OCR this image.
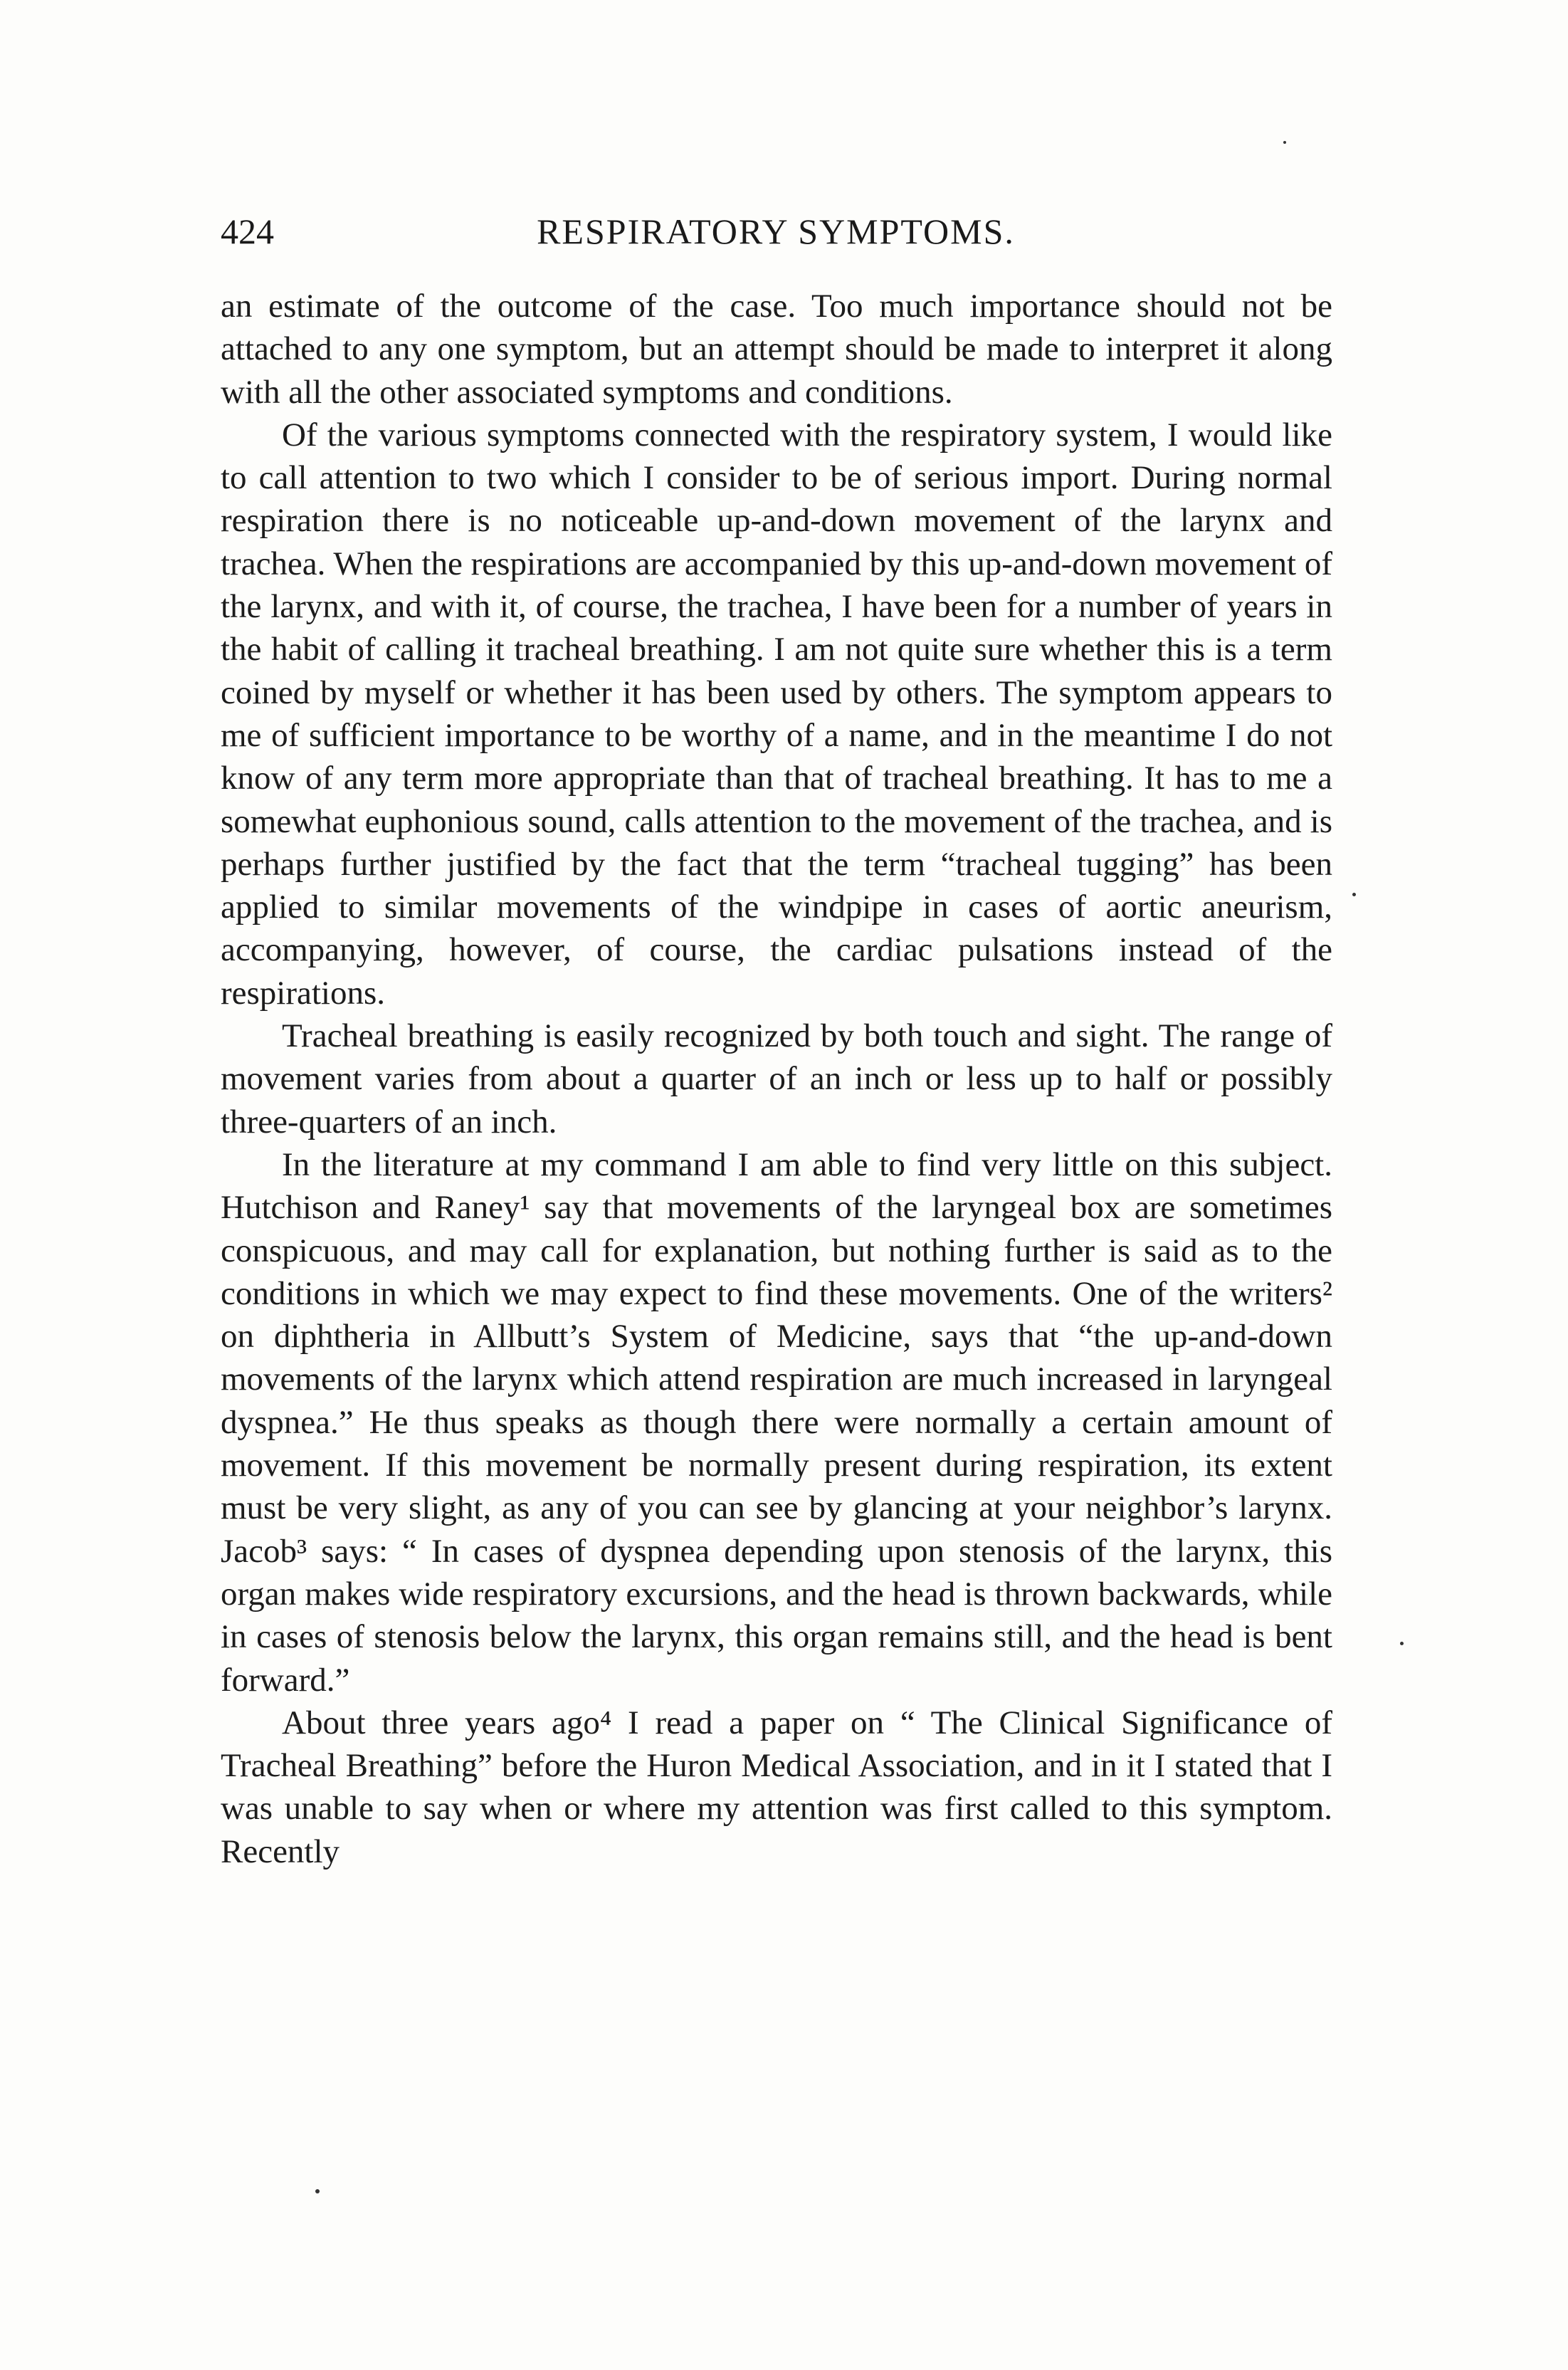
424	RESPIRATORY SYMPTOMS.

an estimate of the outcome of the case. Too much importance should not be attached to any one symptom, but an attempt should be made to interpret it along with all the other associated symptoms and conditions.

Of the various symptoms connected with the respiratory system, I would like to call attention to two which I consider to be of serious import. During normal respiration there is no noticeable up-and-down movement of the larynx and trachea. When the respirations are accompanied by this up-and-down movement of the larynx, and with it, of course, the trachea, I have been for a number of years in the habit of calling it tracheal breathing. I am not quite sure whether this is a term coined by myself or whether it has been used by others. The symptom appears to me of sufficient importance to be worthy of a name, and in the meantime I do not know of any term more appropriate than that of tracheal breathing. It has to me a somewhat euphonious sound, calls attention to the movement of the trachea, and is perhaps further justified by the fact that the term “tracheal tugging” has been applied to similar movements of the windpipe in cases of aortic aneurism, accompanying, however, of course, the cardiac pulsations instead of the respirations.

Tracheal breathing is easily recognized by both touch and sight. The range of movement varies from about a quarter of an inch or less up to half or possibly three-quarters of an inch.

In the literature at my command I am able to find very little on this subject. Hutchison and Raney¹ say that movements of the laryngeal box are sometimes conspicuous, and may call for explanation, but nothing further is said as to the conditions in which we may expect to find these movements. One of the writers² on diphtheria in Allbutt’s System of Medicine, says that “the up-and-down movements of the larynx which attend respiration are much increased in laryngeal dyspnea.” He thus speaks as though there were normally a certain amount of movement. If this movement be normally present during respiration, its extent must be very slight, as any of you can see by glancing at your neighbor’s larynx. Jacob³ says: “ In cases of dyspnea depending upon stenosis of the larynx, this organ makes wide respiratory excursions, and the head is thrown backwards, while in cases of stenosis below the larynx, this organ remains still, and the head is bent forward.”

About three years ago⁴ I read a paper on “ The Clinical Significance of Tracheal Breathing” before the Huron Medical Association, and in it I stated that I was unable to say when or where my attention was first called to this symptom. Recently
